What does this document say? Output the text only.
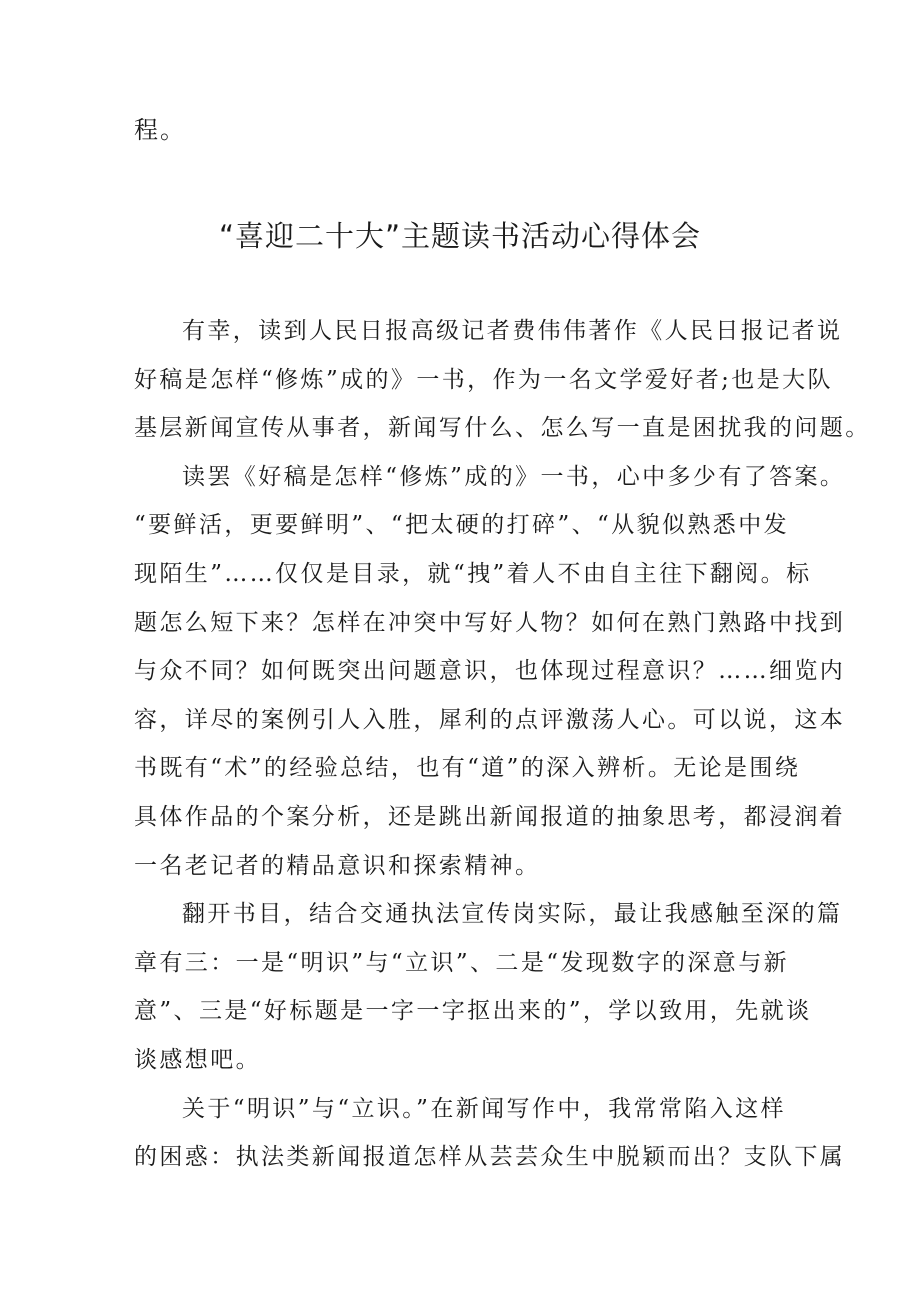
程。
“喜迎二十大”主题读书活动心得体会
有幸，读到人民日报高级记者费伟伟著作《人民日报记者说
好稿是怎样“修炼”成的》一书，作为一名文学爱好者;也是大队
基层新闻宣传从事者，新闻写什么、怎么写一直是困扰我的问题。
读罢《好稿是怎样“修炼”成的》一书，心中多少有了答案。
“要鲜活，更要鲜明”、“把太硬的打碎”、“从貌似熟悉中发
现陌生”……仅仅是目录，就“拽”着人不由自主往下翻阅。标
题怎么短下来？怎样在冲突中写好人物？如何在熟门熟路中找到
与众不同？如何既突出问题意识，也体现过程意识？……细览内
容，详尽的案例引人入胜，犀利的点评激荡人心。可以说，这本
书既有“术”的经验总结，也有“道”的深入辨析。无论是围绕
具体作品的个案分析，还是跳出新闻报道的抽象思考，都浸润着
一名老记者的精品意识和探索精神。
翻开书目，结合交通执法宣传岗实际，最让我感触至深的篇
章有三：一是“明识”与“立识”、二是“发现数字的深意与新
意”、三是“好标题是一字一字抠出来的”，学以致用，先就谈
谈感想吧。
关于“明识”与“立识。”在新闻写作中，我常常陷入这样
的困惑：执法类新闻报道怎样从芸芸众生中脱颖而出？支队下属
